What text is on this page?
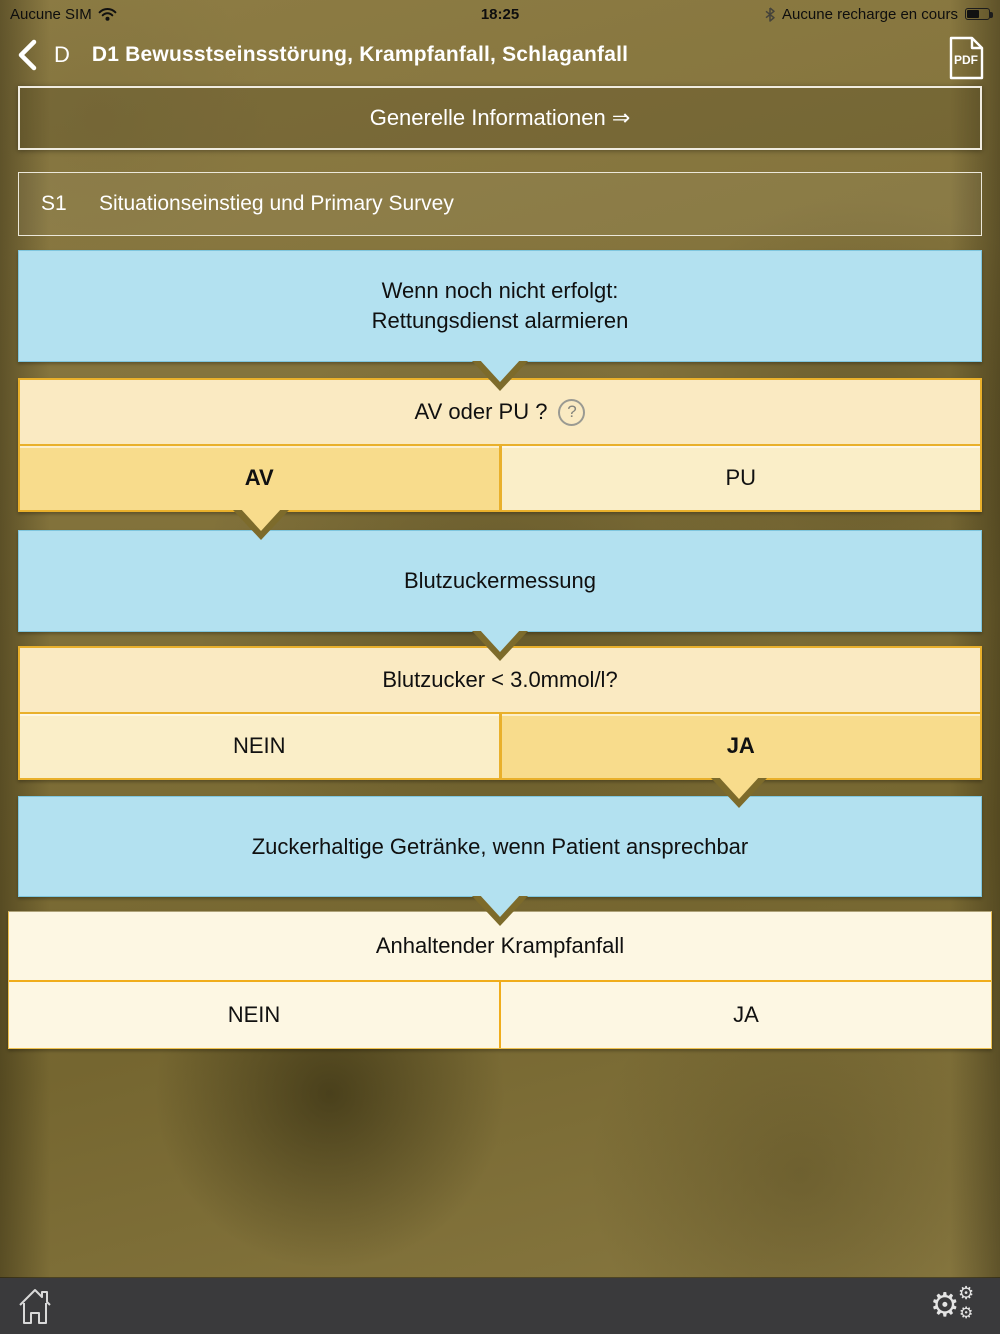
Aucune SIM	18:25	Aucune recharge en cours
D D1 Bewusstseinsstörung, Krampfanfall, Schlaganfall	PDF
Generelle Informationen ⇒
S1	Situationseinstieg und Primary Survey
Wenn noch nicht erfolgt:
Rettungsdienst alarmieren
AV oder PU ?	?
AV	PU
Blutzuckermessung
Blutzucker < 3.0mmol/l?
NEIN	JA
Zuckerhaltige Getränke, wenn Patient ansprechbar
Anhaltender Krampfanfall
NEIN	JA
⚙
⚙
⚙
